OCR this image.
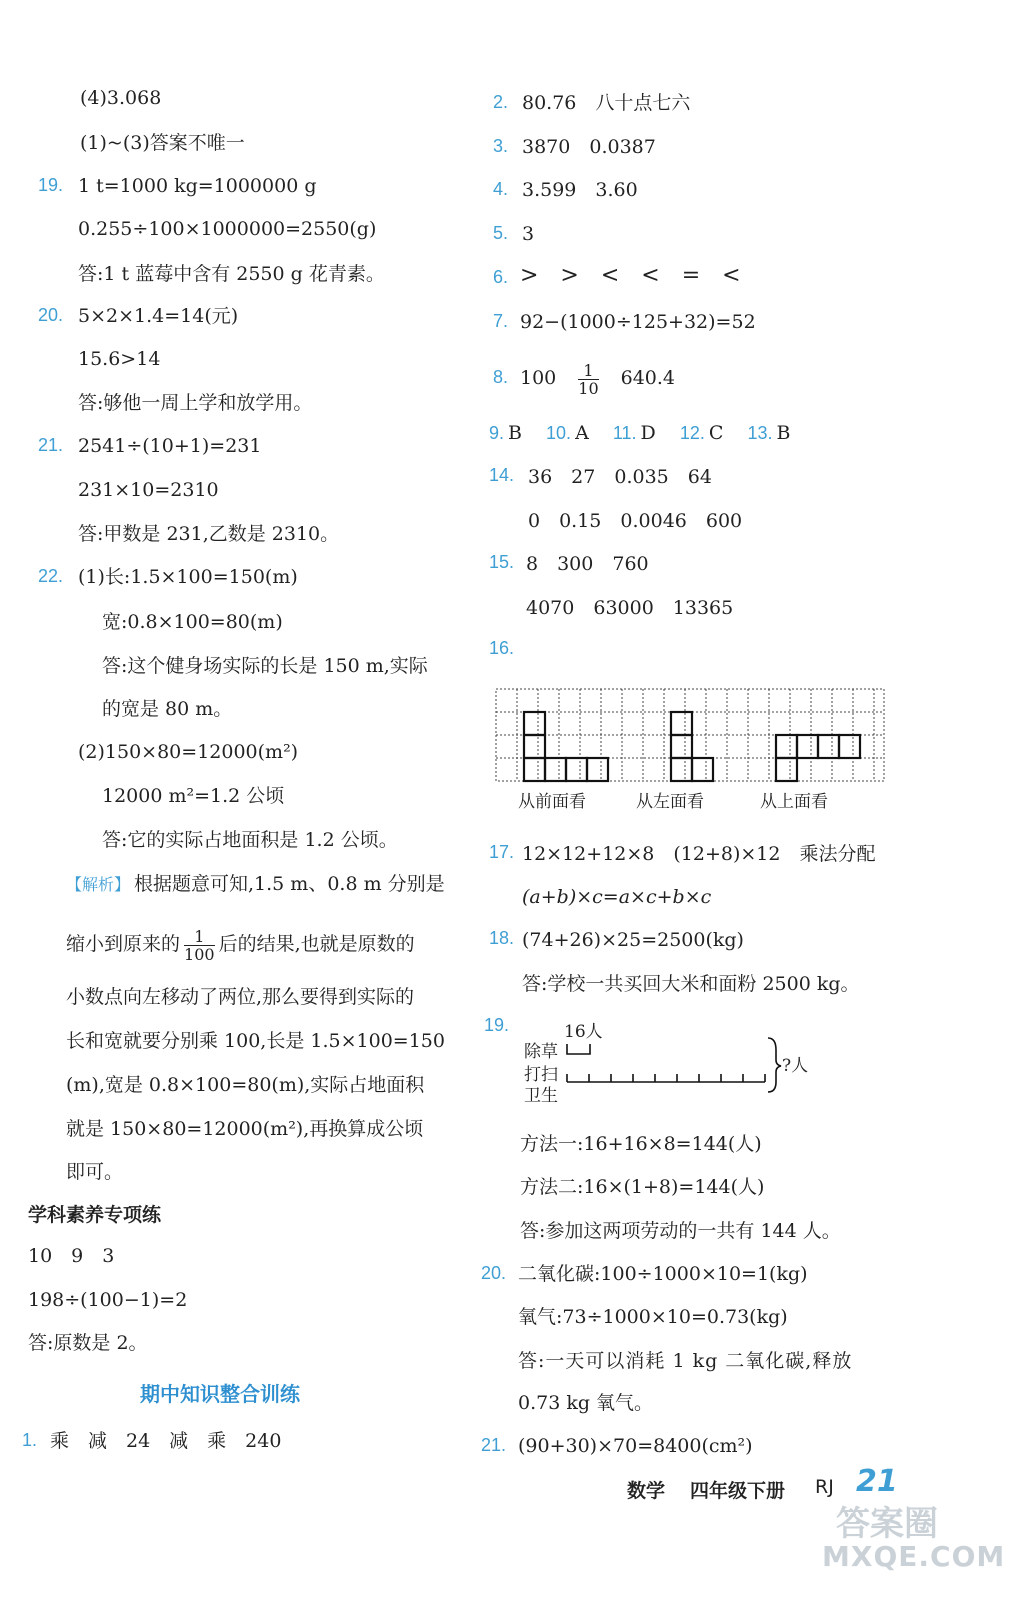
(4)3.068
(1)~(3)答案不唯一
19. 1 t=1000 kg=1000000 g
0.255÷100×1000000=2550(g)
答:1 t 蓝莓中含有 2550 g 花青素。
20. 5×2×1.4=14(元)
15.6>14
答:够他一周上学和放学用。
21. 2541÷(10+1)=231
231×10=2310
答:甲数是 231,乙数是 2310。
22. (1)长:1.5×100=150(m)
宽:0.8×100=80(m)
答:这个健身场实际的长是 150 m,实际
的宽是 80 m。
(2)150×80=12000(m²)
12000 m²=1.2 公顷
答:它的实际占地面积是 1.2 公顷。
【解析】 根据题意可知,1.5 m、0.8 m 分别是
缩小到原来的 $\frac{1}{100}$ 后的结果,也就是原数的
小数点向左移动了两位,那么要得到实际的
长和宽就要分别乘 100,长是 1.5×100=150
(m),宽是 0.8×100=80(m),实际占地面积
就是 150×80=12000(m²),再换算成公顷
即可。
学科素养专项练
10　9　3
198÷(100−1)=2
答:原数是 2。
期中知识整合训练
1. 乘　减　24　减　乘　240
2. 80.76　八十点七六
3. 3870　0.0387
4. 3.599　3.60
5. 3
6. >　>　<　<　=　<
7. 92−(1000÷125+32)=52
8. $100 \frac{1}{10} 640.4$
9. B 10. A 11. D 12. C 13. B
14. 36　27　0.035　64
0　0.15　0.0046　600
15. 8　300　760
4070　63000　13365
16.
从前面看	从左面看	从上面看
17. 12×12+12×8　(12+8)×12　乘法分配
(a+b)×c=a×c+b×c
18. (74+26)×25=2500(kg)
答:学校一共买回大米和面粉 2500 kg。
19.	16人
除草
打扫
卫生
?人
方法一:16+16×8=144(人)
方法二:16×(1+8)=144(人)
答:参加这两项劳动的一共有 144 人。
20. 二氧化碳:100÷1000×10=1(kg)
氧气:73÷1000×10=0.73(kg)
答:一天可以消耗 1 kg 二氧化碳,释放
0.73 kg 氧气。
21. (90+30)×70=8400(cm²)
数学 四年级下册 RJ 21
答案圈
MXQE.COM
